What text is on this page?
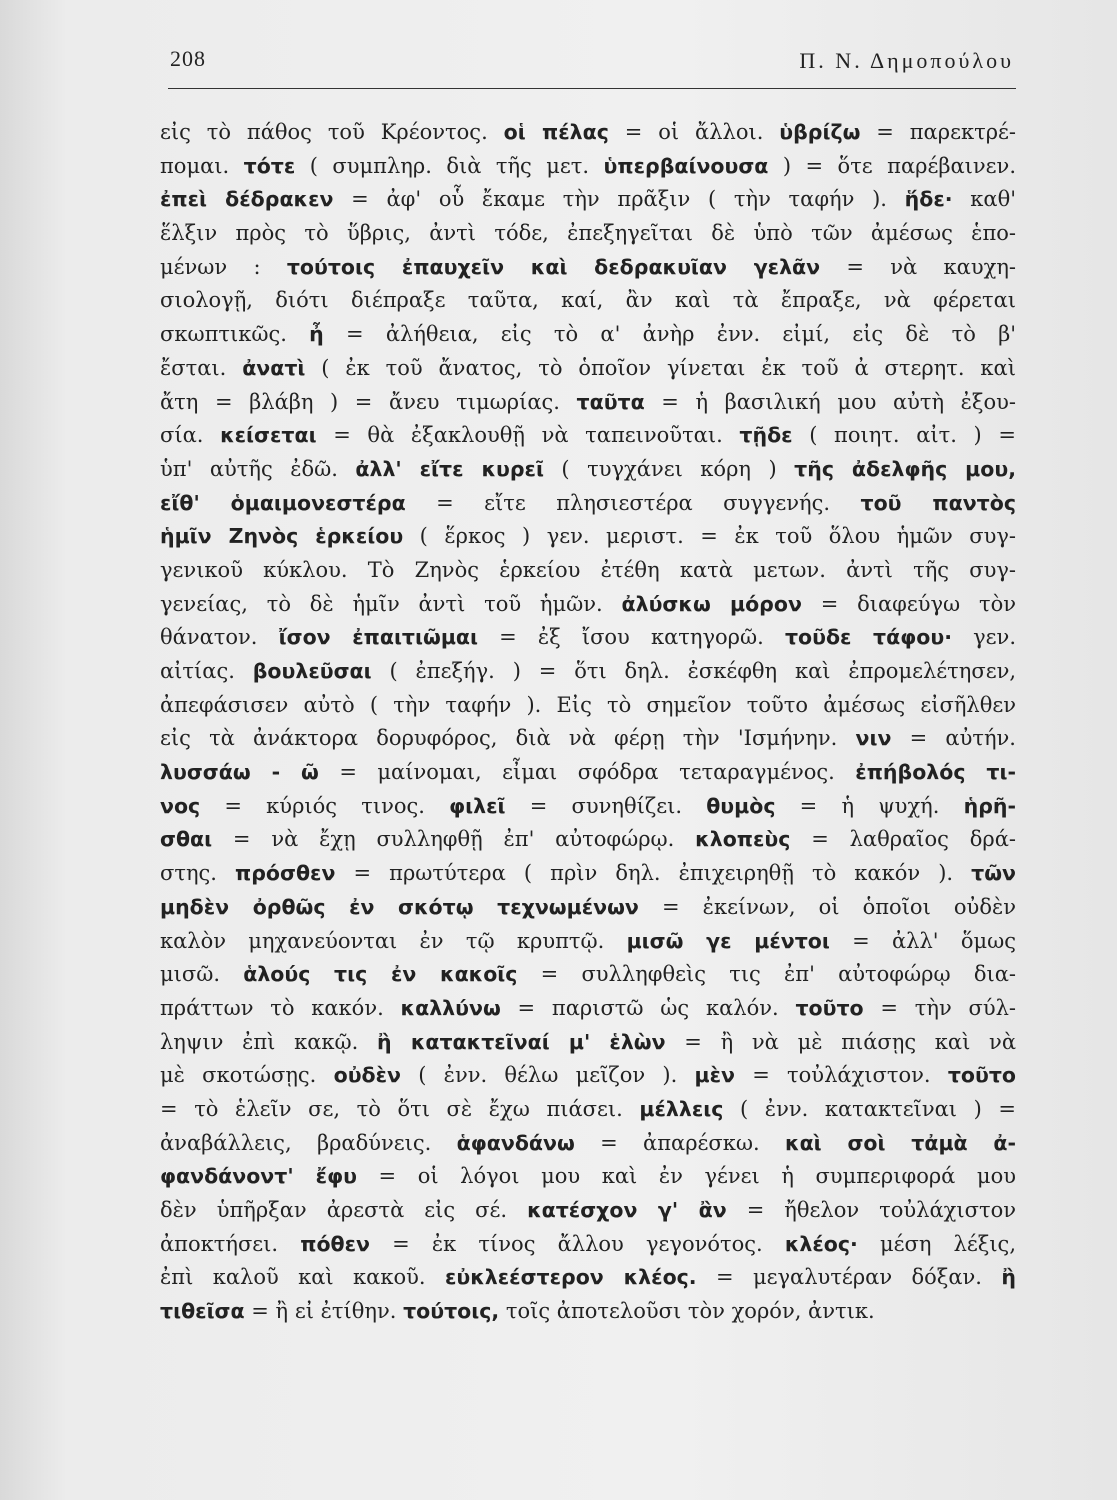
208	Π. Ν. Δημοπούλου
εἰς τὸ πάθος τοῦ Κρέοντος. οἱ πέλας = οἱ ἄλλοι. ὑβρίζω = παρεκτρέ-
πομαι. τότε ( συμπληρ. διὰ τῆς μετ. ὑπερβαίνουσα ) = ὅτε παρέβαινεν.
ἐπεὶ δέδρακεν = ἀφ' οὗ ἔκαμε τὴν πρᾶξιν ( τὴν ταφήν ). ἥδε· καθ'
ἕλξιν πρὸς τὸ ὕβρις, ἀντὶ τόδε, ἐπεξηγεῖται δὲ ὑπὸ τῶν ἀμέσως ἑπο-
μένων : τούτοις ἐπαυχεῖν καὶ δεδρακυῖαν γελᾶν = νὰ καυχη-
σιολογῇ, διότι διέπραξε ταῦτα, καί, ἂν καὶ τὰ ἔπραξε, νὰ φέρεται
σκωπτικῶς. ἦ = ἀλήθεια, εἰς τὸ α' ἀνὴρ ἐνν. εἰμί, εἰς δὲ τὸ β'
ἔσται. ἀνατὶ ( ἐκ τοῦ ἄνατος, τὸ ὁποῖον γίνεται ἐκ τοῦ ἀ στερητ. καὶ
ἄτη = βλάβη ) = ἄνευ τιμωρίας. ταῦτα = ἡ βασιλική μου αὐτὴ ἐξου-
σία. κείσεται = θὰ ἐξακλουθῇ νὰ ταπεινοῦται. τῇδε ( ποιητ. αἰτ. ) =
ὑπ' αὐτῆς ἐδῶ. ἀλλ' εἴτε κυρεῖ ( τυγχάνει κόρη ) τῆς ἀδελφῆς μου,
εἴθ' ὁμαιμονεστέρα = εἴτε πλησιεστέρα συγγενής. τοῦ παντὸς
ἡμῖν Ζηνὸς ἑρκείου ( ἕρκος ) γεν. μεριστ. = ἐκ τοῦ ὅλου ἡμῶν συγ-
γενικοῦ κύκλου. Τὸ Ζηνὸς ἑρκείου ἐτέθη κατὰ μετων. ἀντὶ τῆς συγ-
γενείας, τὸ δὲ ἡμῖν ἀντὶ τοῦ ἡμῶν. ἀλύσκω μόρον = διαφεύγω τὸν
θάνατον. ἴσον ἐπαιτιῶμαι = ἐξ ἴσου κατηγορῶ. τοῦδε τάφου· γεν.
αἰτίας. βουλεῦσαι ( ἐπεξήγ. ) = ὅτι δηλ. ἐσκέφθη καὶ ἐπρομελέτησεν,
ἀπεφάσισεν αὐτὸ ( τὴν ταφήν ). Εἰς τὸ σημεῖον τοῦτο ἀμέσως εἰσῆλθεν
εἰς τὰ ἀνάκτορα δορυφόρος, διὰ νὰ φέρῃ τὴν 'Ισμήνην. νιν = αὐτήν.
λυσσάω - ῶ = μαίνομαι, εἶμαι σφόδρα τεταραγμένος. ἐπήβολός τι-
νος = κύριός τινος. φιλεῖ = συνηθίζει. θυμὸς = ἡ ψυχή. ἡρῆ-
σθαι = νὰ ἔχῃ συλληφθῇ ἐπ' αὐτοφώρῳ. κλοπεὺς = λαθραῖος δρά-
στης. πρόσθεν = πρωτύτερα ( πρὶν δηλ. ἐπιχειρηθῇ τὸ κακόν ). τῶν
μηδὲν ὀρθῶς ἐν σκότῳ τεχνωμένων = ἐκείνων, οἱ ὁποῖοι οὐδὲν
καλὸν μηχανεύονται ἐν τῷ κρυπτῷ. μισῶ γε μέντοι = ἀλλ' ὅμως
μισῶ. ἁλούς τις ἐν κακοῖς = συλληφθεὶς τις ἐπ' αὐτοφώρῳ δια-
πράττων τὸ κακόν. καλλύνω = παριστῶ ὡς καλόν. τοῦτο = τὴν σύλ-
ληψιν ἐπὶ κακῷ. ἢ κατακτεῖναί μ' ἑλὼν = ἢ νὰ μὲ πιάσῃς καὶ νὰ
μὲ σκοτώσῃς. οὐδὲν ( ἐνν. θέλω μεῖζον ). μὲν = τοὐλάχιστον. τοῦτο
= τὸ ἑλεῖν σε, τὸ ὅτι σὲ ἔχω πιάσει. μέλλεις ( ἐνν. κατακτεῖναι ) =
ἀναβάλλεις, βραδύνεις. ἁφανδάνω = ἀπαρέσκω. καὶ σοὶ τἀμὰ ἀ-
φανδάνοντ' ἔφυ = οἱ λόγοι μου καὶ ἐν γένει ἡ συμπεριφορά μου
δὲν ὑπῆρξαν ἀρεστὰ εἰς σέ. κατέσχον γ' ἂν = ἤθελον τοὐλάχιστον
ἀποκτήσει. πόθεν = ἐκ τίνος ἄλλου γεγονότος. κλέος· μέση λέξις,
ἐπὶ καλοῦ καὶ κακοῦ. εὐκλεέστερον κλέος. = μεγαλυτέραν δόξαν. ἢ
τιθεῖσα = ἢ εἰ ἐτίθην. τούτοις, τοῖς ἀποτελοῦσι τὸν χορόν, ἀντικ.
